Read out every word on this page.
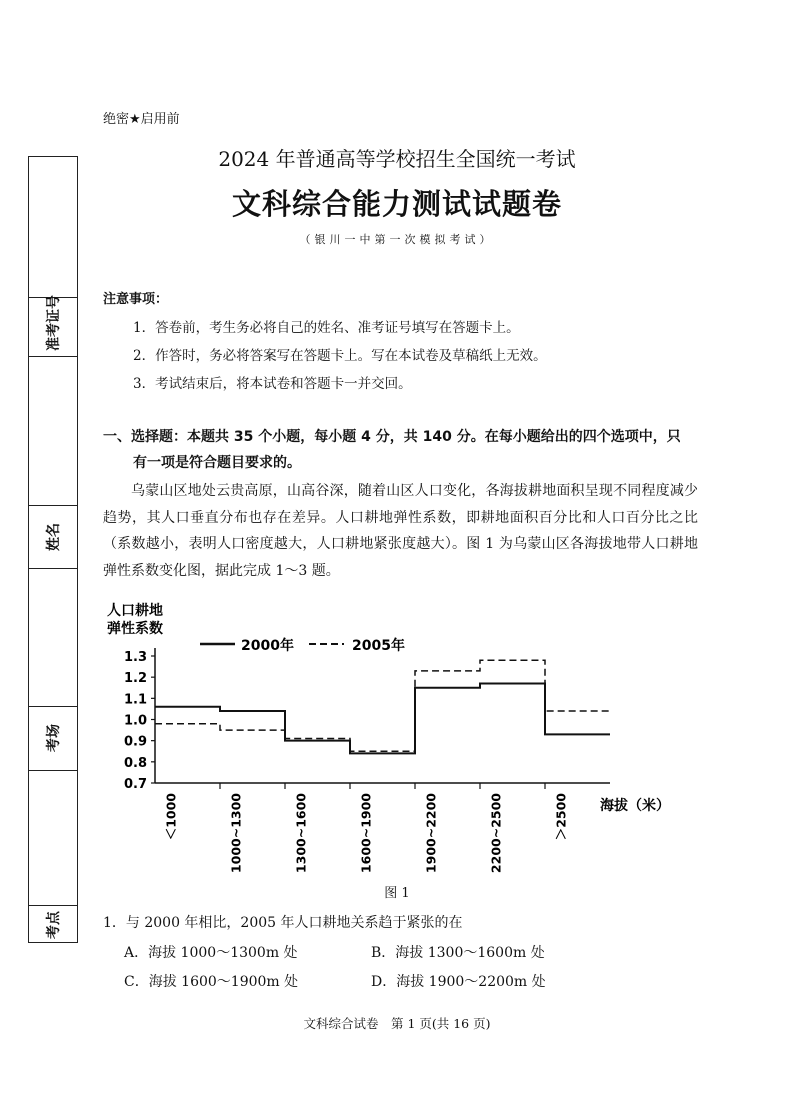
绝密★启用前
2024 年普通高等学校招生全国统一考试
文科综合能力测试试题卷
（银川一中第一次模拟考试）
准考证号
姓名
考场
考点
注意事项：
1．答卷前，考生务必将自己的姓名、准考证号填写在答题卡上。
2．作答时，务必将答案写在答题卡上。写在本试卷及草稿纸上无效。
3．考试结束后，将本试卷和答题卡一并交回。
一、选择题：本题共 35 个小题，每小题 4 分，共 140 分。在每小题给出的四个选项中，只
有一项是符合题目要求的。
乌蒙山区地处云贵高原，山高谷深，随着山区人口变化，各海拔耕地面积呈现不同程度减少趋势，其人口垂直分布也存在差异。人口耕地弹性系数，即耕地面积百分比和人口百分比之比（系数越小，表明人口密度越大，人口耕地紧张度越大）。图 1 为乌蒙山区各海拔地带人口耕地弹性系数变化图，据此完成 1～3 题。
人口耕地
弹性系数
2000年	2005年
1.3
1.2
1.1
1.0
0.9
0.8
0.7
＜1000	1000~1300	1300~1600	1600~1900	1900~2200	2200~2500	＞2500 海拔（米）
图 1
1．与 2000 年相比，2005 年人口耕地关系趋于紧张的在
A．海拔 1000～1300m 处	B．海拔 1300～1600m 处
C．海拔 1600～1900m 处	D．海拔 1900～2200m 处
文科综合试卷　第 1 页(共 16 页)
